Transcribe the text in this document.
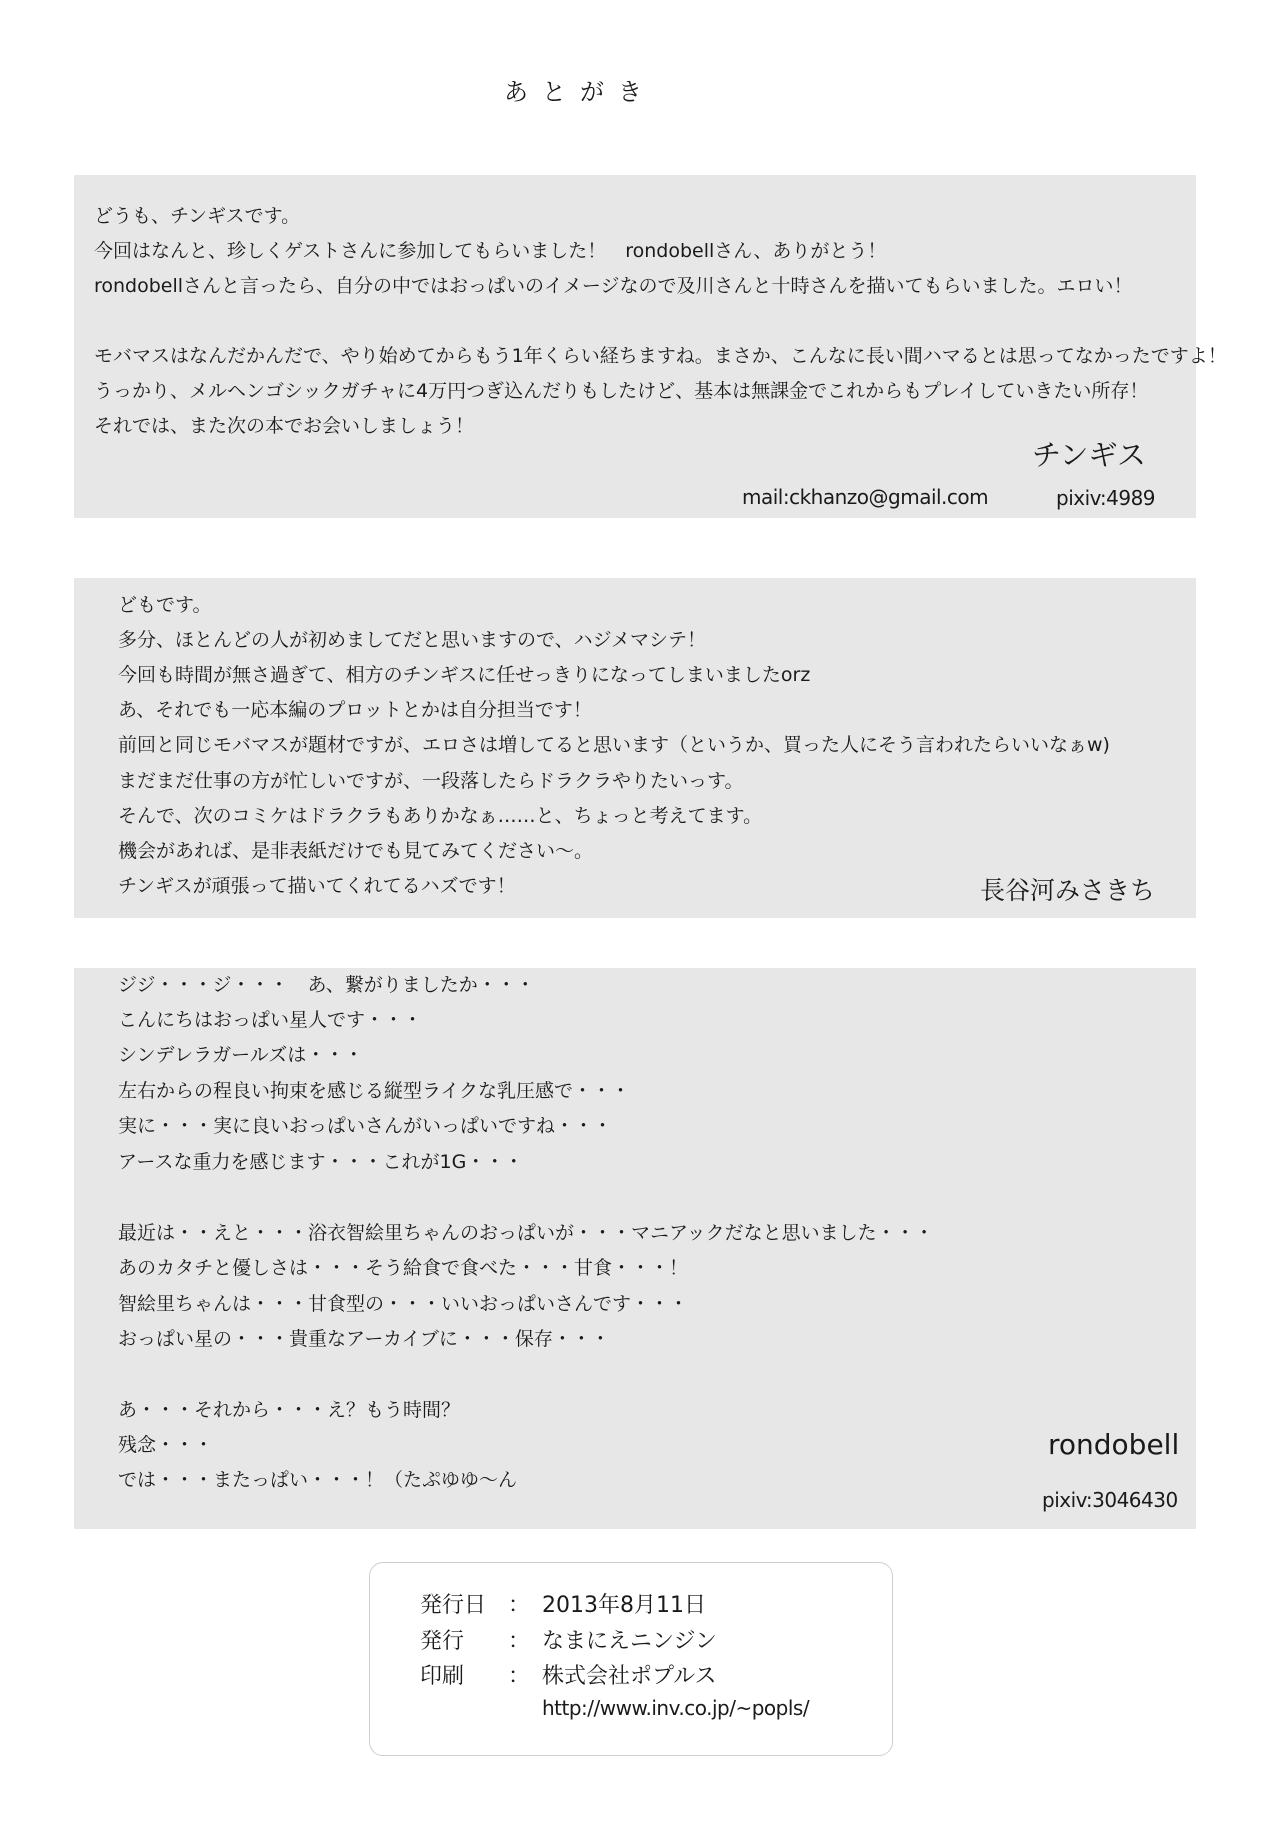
あとがき
どうも、チンギスです。
今回はなんと、珍しくゲストさんに参加してもらいました！　rondobellさん、ありがとう！
rondobellさんと言ったら、自分の中ではおっぱいのイメージなので及川さんと十時さんを描いてもらいました。エロい！
モバマスはなんだかんだで、やり始めてからもう1年くらい経ちますね。まさか、こんなに長い間ハマるとは思ってなかったですよ！
うっかり、メルヘンゴシックガチャに4万円つぎ込んだりもしたけど、基本は無課金でこれからもプレイしていきたい所存！
それでは、また次の本でお会いしましょう！
チンギス
mail:ckhanzo@gmail.com	pixiv:4989
どもです。
多分、ほとんどの人が初めましてだと思いますので、ハジメマシテ！
今回も時間が無さ過ぎて、相方のチンギスに任せっきりになってしまいましたorz
あ、それでも一応本編のプロットとかは自分担当です！
前回と同じモバマスが題材ですが、エロさは増してると思います（というか、買った人にそう言われたらいいなぁw)
まだまだ仕事の方が忙しいですが、一段落したらドラクラやりたいっす。
そんで、次のコミケはドラクラもありかなぁ……と、ちょっと考えてます。
機会があれば、是非表紙だけでも見てみてください～。
チンギスが頑張って描いてくれてるハズです！	長谷河みさきち
ジジ・・・ジ・・・　あ、繋がりましたか・・・
こんにちはおっぱい星人です・・・
シンデレラガールズは・・・
左右からの程良い拘束を感じる縦型ライクな乳圧感で・・・
実に・・・実に良いおっぱいさんがいっぱいですね・・・
アースな重力を感じます・・・これが1G・・・
最近は・・えと・・・浴衣智絵里ちゃんのおっぱいが・・・マニアックだなと思いました・・・
あのカタチと優しさは・・・そう給食で食べた・・・甘食・・・！
智絵里ちゃんは・・・甘食型の・・・いいおっぱいさんです・・・
おっぱい星の・・・貴重なアーカイブに・・・保存・・・
あ・・・それから・・・え？もう時間？
残念・・・
では・・・またっぱい・・・！（たぷゆゆ～ん
rondobell
pixiv:3046430
発行日 ： 2013年8月11日
発行 ： なまにえニンジン
印刷 ： 株式会社ポプルス
http://www.inv.co.jp/~popls/
